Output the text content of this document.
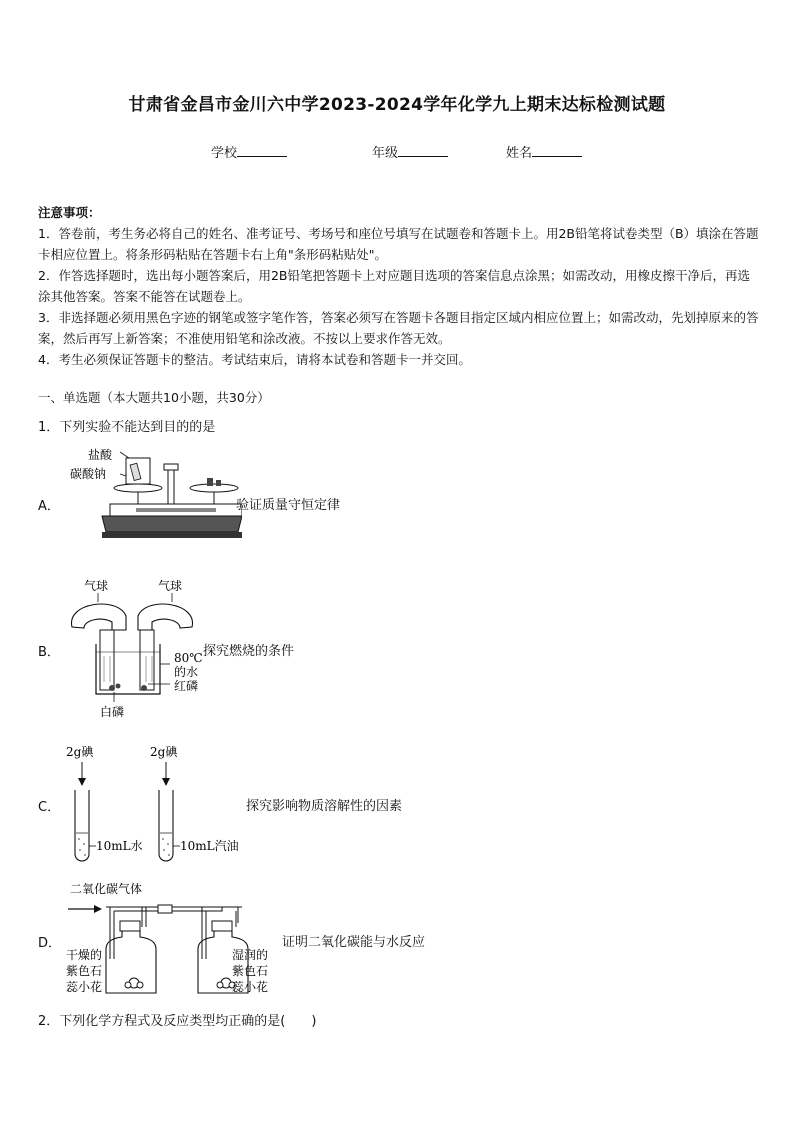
甘肃省金昌市金川六中学2023-2024学年化学九上期末达标检测试题
学校	年级	姓名

注意事项：

1．答卷前，考生务必将自己的姓名、准考证号、考场号和座位号填写在试题卷和答题卡上。用2B铅笔将试卷类型（B）填涂在答题卡相应位置上。将条形码粘贴在答题卡右上角"条形码粘贴处"。

2．作答选择题时，选出每小题答案后，用2B铅笔把答题卡上对应题目选项的答案信息点涂黑；如需改动，用橡皮擦干净后，再选涂其他答案。答案不能答在试题卷上。

3．非选择题必须用黑色字迹的钢笔或签字笔作答，答案必须写在答题卡各题目指定区域内相应位置上；如需改动，先划掉原来的答案，然后再写上新答案；不准使用铅笔和涂改液。不按以上要求作答无效。

4．考生必须保证答题卡的整洁。考试结束后，请将本试卷和答题卡一并交回。

一、单选题（本大题共10小题，共30分）
1．下列实验不能达到目的的是
A．
盐酸
碳酸钠
验证质量守恒定律
B．
气球	气球
80℃
的水
红磷
白磷
探究燃烧的条件
C．
2g碘	2g碘
10mL水	10mL汽油
探究影响物质溶解性的因素
D．
二氧化碳气体
干燥的
紫色石
蕊小花
湿润的
紫色石
蕊小花
证明二氧化碳能与水反应
2．下列化学方程式及反应类型均正确的是(　　)
